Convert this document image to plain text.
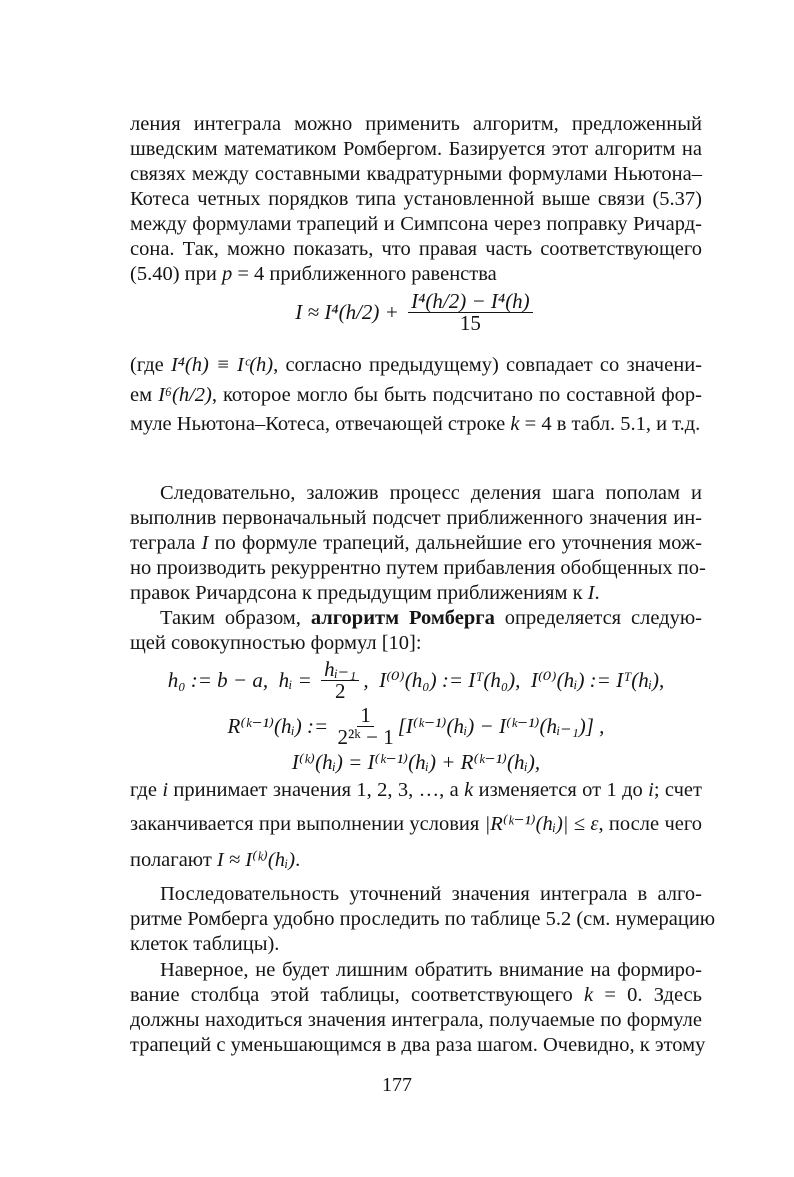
ления интеграла можно применить алгоритм, предложенный
шведским математиком Ромбергом. Базируется этот алгоритм на
связях между составными квадратурными формулами Ньютона–
Котеса четных порядков типа установленной выше связи (5.37)
между формулами трапеций и Симпсона через поправку Ричард-
сона. Так, можно показать, что правая часть соответствующего
(5.40) при p = 4 приближенного равенства
(где I⁴(h) ≡ Iᶜ(h), согласно предыдущему) совпадает со значени-
ем I⁶(h/2), которое могло бы быть подсчитано по составной фор-
муле Ньютона–Котеса, отвечающей строке k = 4 в табл. 5.1, и т.д.
Следовательно, заложив процесс деления шага пополам и
выполнив первоначальный подсчет приближенного значения ин-
теграла I по формуле трапеций, дальнейшие его уточнения мож-
но производить рекуррентно путем прибавления обобщенных по-
правок Ричардсона к предыдущим приближениям к I.
Таким образом, алгоритм Ромберга определяется следую-
щей совокупностью формул [10]:
где i принимает значения 1, 2, 3, …, а k изменяется от 1 до i; счет
заканчивается при выполнении условия |R⁽ᵏ⁻¹⁾(hᵢ)| ≤ ε, после чего
полагают I ≈ I⁽ᵏ⁾(hᵢ).
Последовательность уточнений значения интеграла в алго-
ритме Ромберга удобно проследить по таблице 5.2 (см. нумерацию
клеток таблицы).
Наверное, не будет лишним обратить внимание на формиро-
вание столбца этой таблицы, соответствующего k = 0. Здесь
должны находиться значения интеграла, получаемые по формуле
трапеций с уменьшающимся в два раза шагом. Очевидно, к этому
$I \approx I^4(h/2) + \frac{\text{I⁴(h/2) − I⁴(h)}}{15}$
h₀ := b − a,  hᵢ = $\frac{\text{hᵢ₋₁}}{2}$ ,  I⁽⁰⁾(h₀) := Iᵀ(h₀),  I⁽⁰⁾(hᵢ) := Iᵀ(hᵢ),
R⁽ᵏ⁻¹⁾(hᵢ) := $\frac{1}{\text{2²ᵏ − 1}}$ [I⁽ᵏ⁻¹⁾(hᵢ) − I⁽ᵏ⁻¹⁾(hᵢ₋₁)] ,
I⁽ᵏ⁾(hᵢ) = I⁽ᵏ⁻¹⁾(hᵢ) + R⁽ᵏ⁻¹⁾(hᵢ),
177
